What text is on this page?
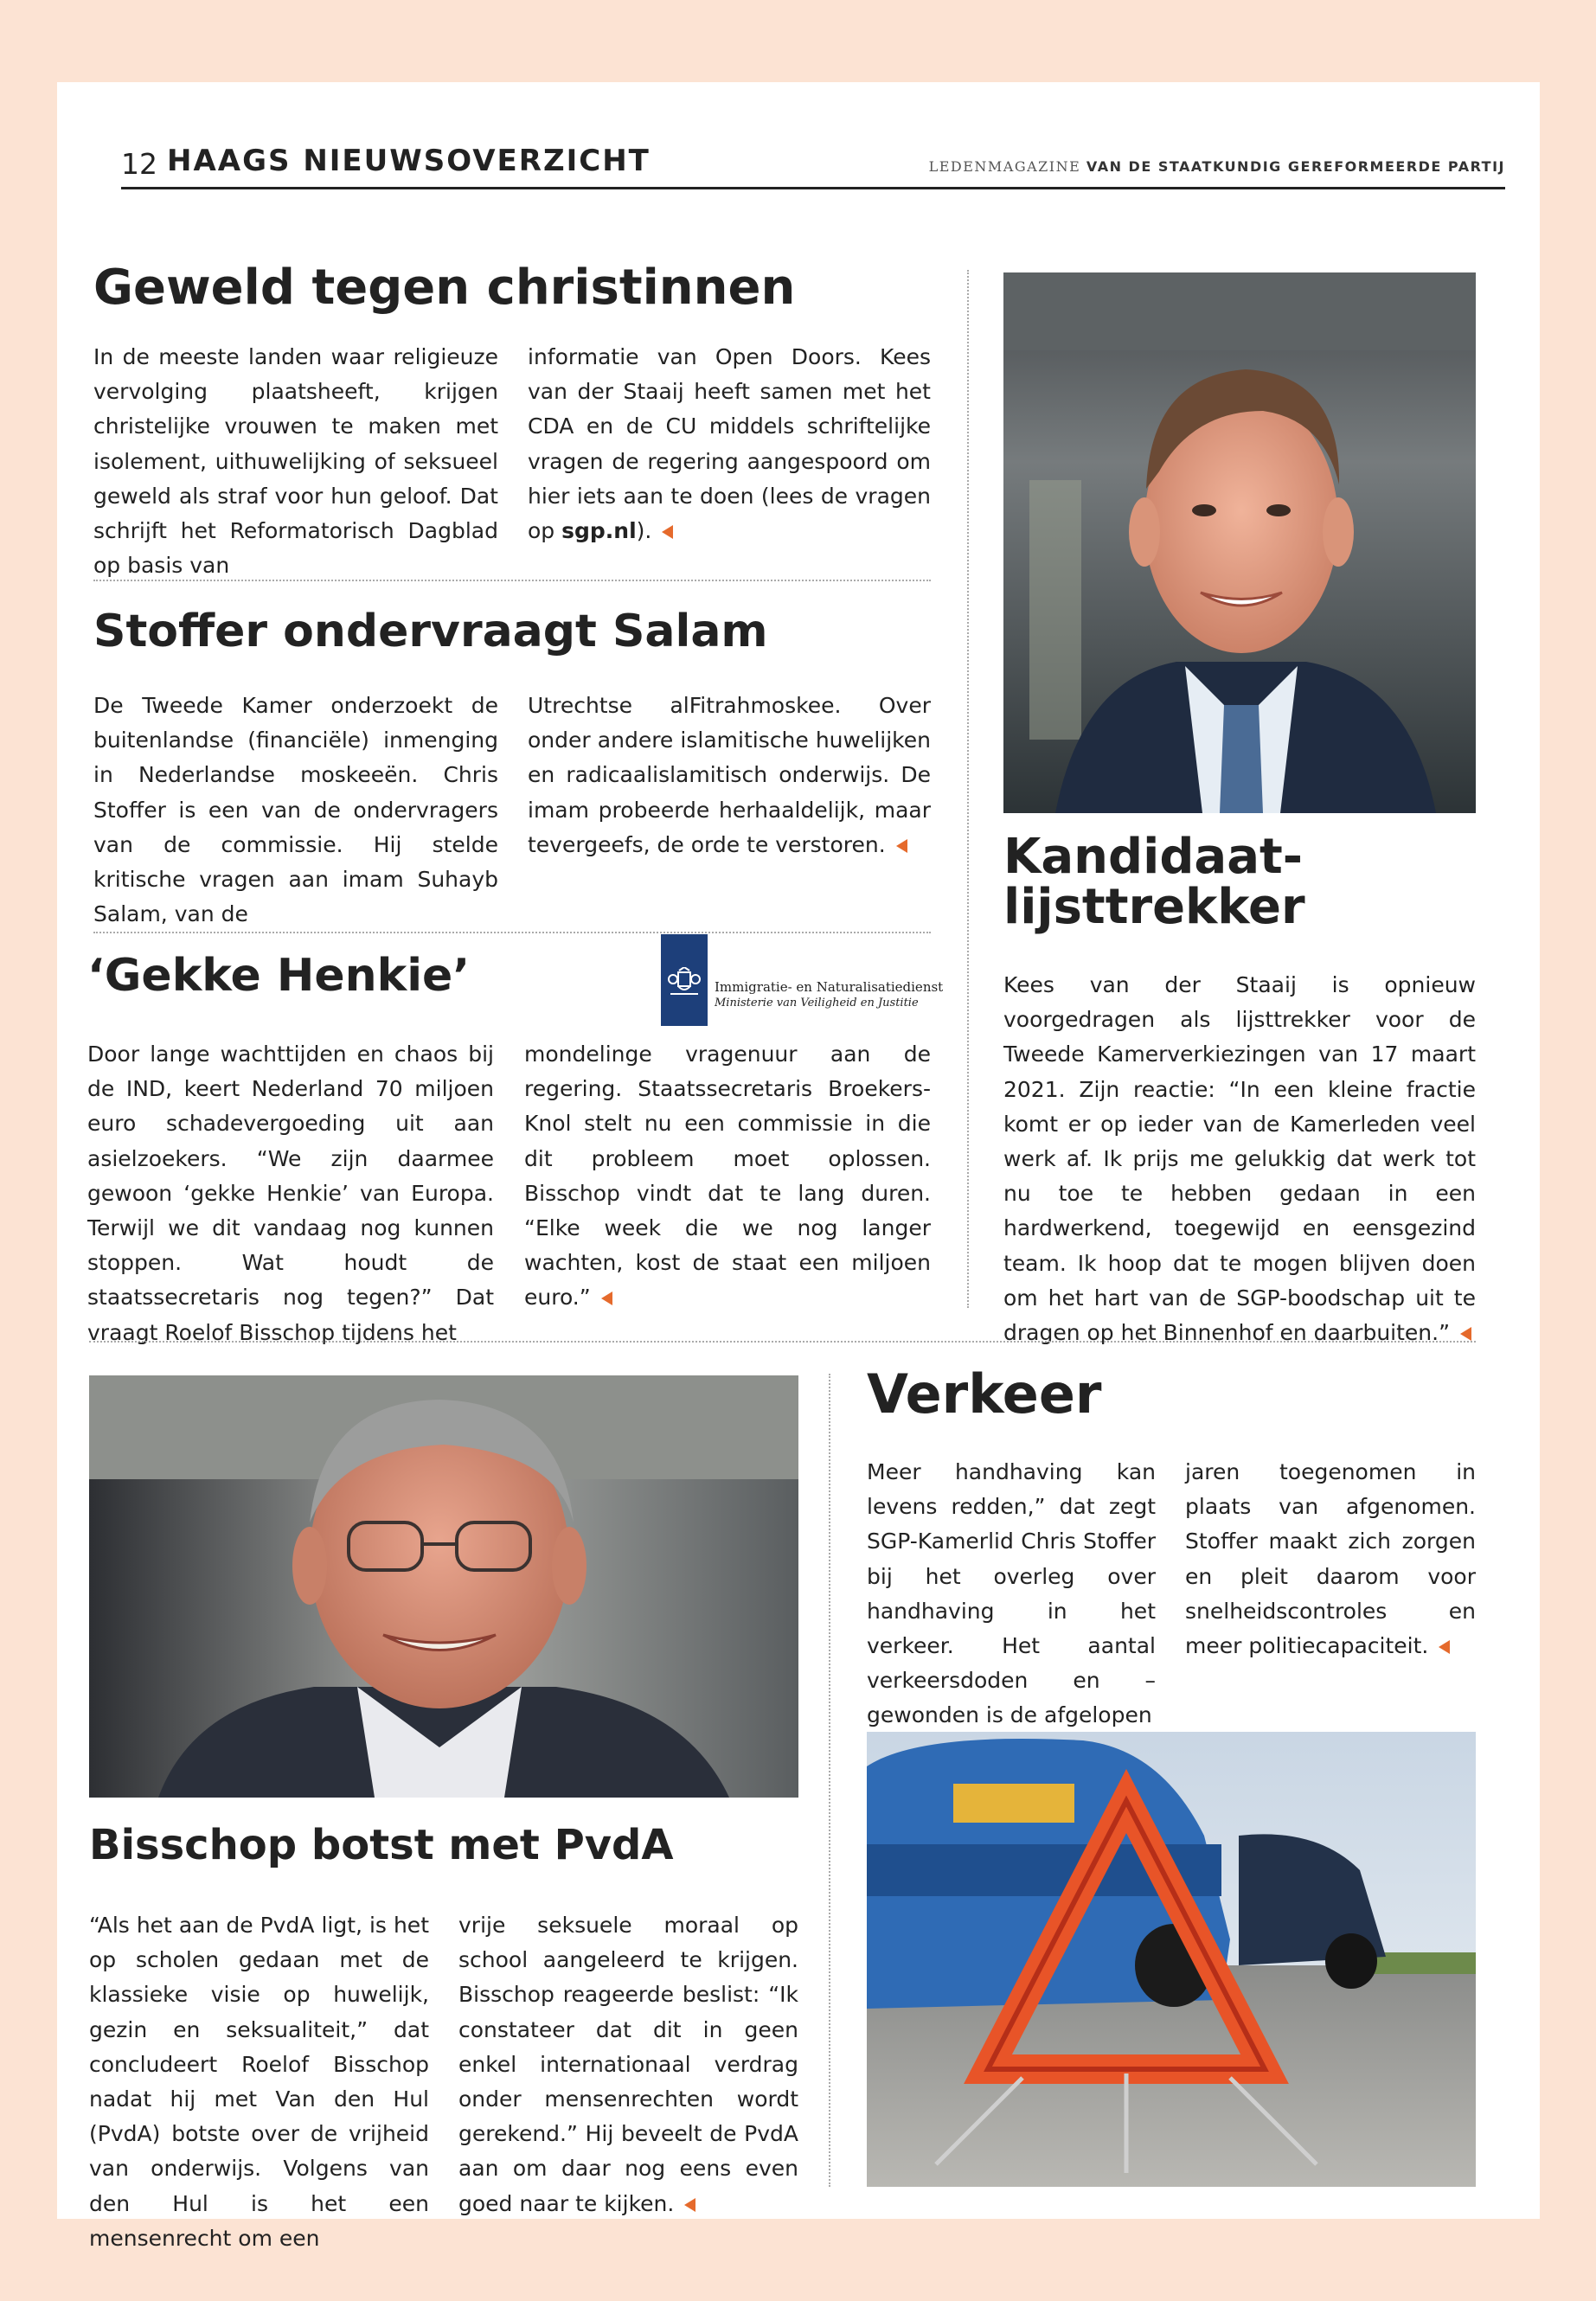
12 HAAGS NIEUWSOVERZICHT	LEDENMAGAZINE VAN DE STAATKUNDIG GEREFORMEERDE PARTIJ
Geweld tegen christinnen
In de meeste landen waar religieuze vervolging plaatsheeft, krijgen christelijke vrouwen te maken met isolement, uithuwelijking of seksueel geweld als straf voor hun geloof. Dat schrijft het Reformatorisch Dagblad op basis van
informatie van Open Doors. Kees van der Staaij heeft samen met het CDA en de CU middels schriftelijke vragen de regering aangespoord om hier iets aan te doen (lees de vragen op sgp.nl).
Stoffer ondervraagt Salam
De Tweede Kamer onderzoekt de buitenlandse (financiële) inmenging in Nederlandse moskeeën. Chris Stoffer is een van de ondervragers van de commissie. Hij stelde kritische vragen aan imam Suhayb Salam, van de
Utrechtse alFitrahmoskee. Over onder andere islamitische huwelijken en radicaalislamitisch onderwijs. De imam probeerde herhaaldelijk, maar tevergeefs, de orde te verstoren.
‘Gekke Henkie’	Immigratie- en Naturalisatiedienst
Ministerie van Veiligheid en Justitie
Door lange wachttijden en chaos bij de IND, keert Nederland 70 miljoen euro schadevergoeding uit aan asielzoekers. “We zijn daarmee gewoon ‘gekke Henkie’ van Europa. Terwijl we dit vandaag nog kunnen stoppen. Wat houdt de staatssecretaris nog tegen?” Dat vraagt Roelof Bisschop tijdens het
mondelinge vragenuur aan de regering. Staatssecretaris Broekers-Knol stelt nu een commissie in die dit probleem moet oplossen. Bisschop vindt dat te lang duren. “Elke week die we nog langer wachten, kost de staat een miljoen euro.”
Kandidaat-
lijsttrekker
Kees van der Staaij is opnieuw voorgedragen als lijsttrekker voor de Tweede Kamerverkiezingen van 17 maart 2021. Zijn reactie: “In een kleine fractie komt er op ieder van de Kamerleden veel werk af. Ik prijs me gelukkig dat werk tot nu toe te hebben gedaan in een hardwerkend, toegewijd en eensgezind team. Ik hoop dat te mogen blijven doen om het hart van de SGP-boodschap uit te dragen op het Binnenhof en daarbuiten.”
Bisschop botst met PvdA
“Als het aan de PvdA ligt, is het op scholen gedaan met de klassieke visie op huwelijk, gezin en seksualiteit,” dat concludeert Roelof Bisschop nadat hij met Van den Hul (PvdA) botste over de vrijheid van onderwijs. Volgens van den Hul is het een mensenrecht om een
vrije seksuele moraal op school aangeleerd te krijgen. Bisschop reageerde beslist: “Ik constateer dat dit in geen enkel internationaal verdrag onder mensenrechten wordt gerekend.” Hij beveelt de PvdA aan om daar nog eens even goed naar te kijken.
Verkeer
Meer handhaving kan levens redden,” dat zegt SGP-Kamerlid Chris Stoffer bij het overleg over handhaving in het verkeer. Het aantal verkeersdoden en –gewonden is de afgelopen
jaren toegenomen in plaats van afgenomen. Stoffer maakt zich zorgen en pleit daarom voor snelheidscontroles en meer politiecapaciteit.
